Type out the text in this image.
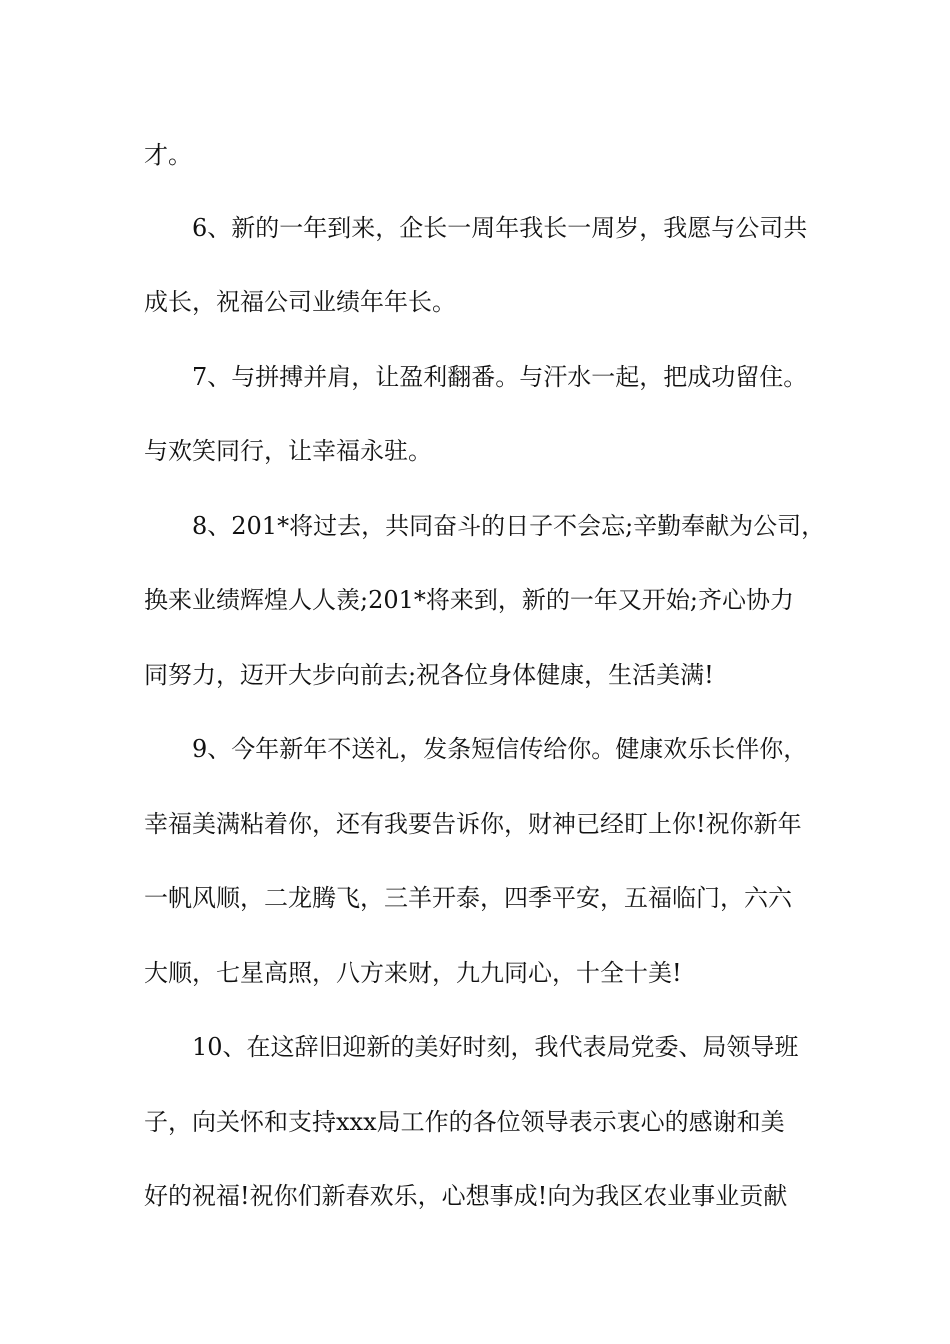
才。
6、新的一年到来，企长一周年我长一周岁，我愿与公司共
成长，祝福公司业绩年年长。
7、与拼搏并肩，让盈利翻番。与汗水一起，把成功留住。
与欢笑同行，让幸福永驻。
8、201*将过去，共同奋斗的日子不会忘;辛勤奉献为公司，
换来业绩辉煌人人羡;201*将来到，新的一年又开始;齐心协力
同努力，迈开大步向前去;祝各位身体健康，生活美满!
9、今年新年不送礼，发条短信传给你。健康欢乐长伴你，
幸福美满粘着你，还有我要告诉你，财神已经盯上你!祝你新年
一帆风顺，二龙腾飞，三羊开泰，四季平安，五福临门，六六
大顺，七星高照，八方来财，九九同心，十全十美!
10、在这辞旧迎新的美好时刻，我代表局党委、局领导班
子，向关怀和支持xxx局工作的各位领导表示衷心的感谢和美
好的祝福!祝你们新春欢乐，心想事成!向为我区农业事业贡献
